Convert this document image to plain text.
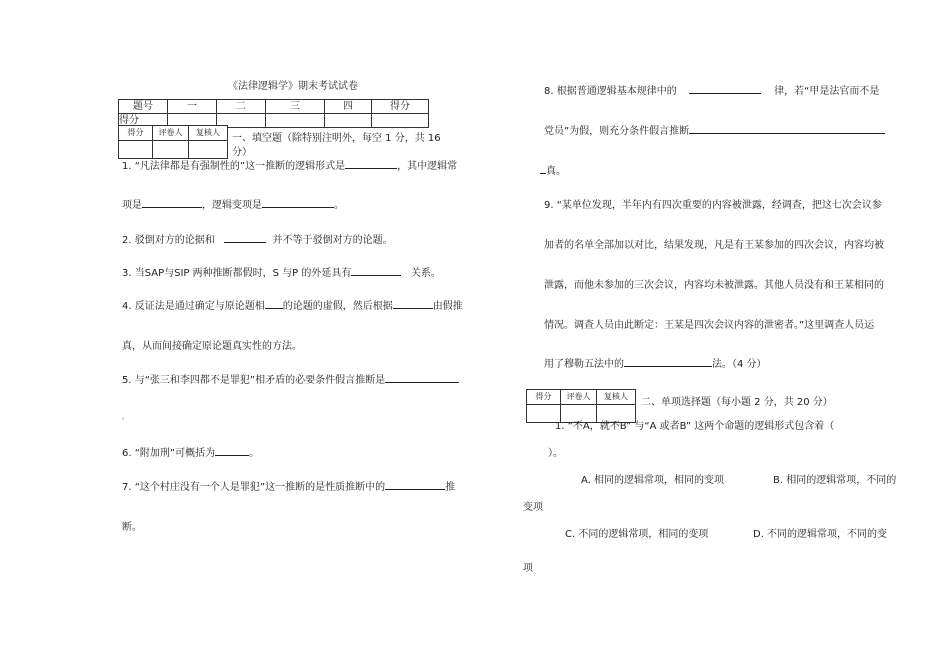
《法律逻辑学》期末考试试卷
题号	一	二	三	四	得分
得分					
得分	评卷人	复核人

一、填空题（除特别注明外，每空 1 分，共 16
分）
1. “凡法律都是有强制性的”这一推断的逻辑形式是	，其中逻辑常
项是	，逻辑变项是	。
2. 驳倒对方的论据和	并不等于驳倒对方的论题。
3. 当SAP与SIP 两种推断都假时，S 与P 的外延具有	关系。
4. 反证法是通过确定与原论题相 的论题的虚假，然后根据	由假推
真，从而间接确定原论题真实性的方法。
5. 与“张三和李四都不是罪犯”相矛盾的必要条件假言推断是
。
6. “附加刑”可概括为	。
7. “这个村庄没有一个人是罪犯”这一推断的是性质推断中的	推
断。
8. 根据普通逻辑基本规律中的	律，若“甲是法官而不是
党员”为假，则充分条件假言推断
真。
9. “某单位发现，半年内有四次重要的内容被泄露，经调查，把这七次会议参
加者的名单全部加以对比，结果发现，凡是有王某参加的四次会议，内容均被
泄露，而他未参加的三次会议，内容均未被泄露。其他人员没有和王某相同的
情况。调查人员由此断定：王某是四次会议内容的泄密者。”这里调查人员运
用了穆勒五法中的	法。（4 分）
得分	评卷人	复核人

二、单项选择题（每小题 2 分，共 20 分）
1. “不A，就不B” 与“A 或者B” 这两个命题的逻辑形式包含着（
）。
A. 相同的逻辑常项，相同的变项	B. 相同的逻辑常项，不同的
变项
C. 不同的逻辑常项，相同的变项	D. 不同的逻辑常项，不同的变
项
